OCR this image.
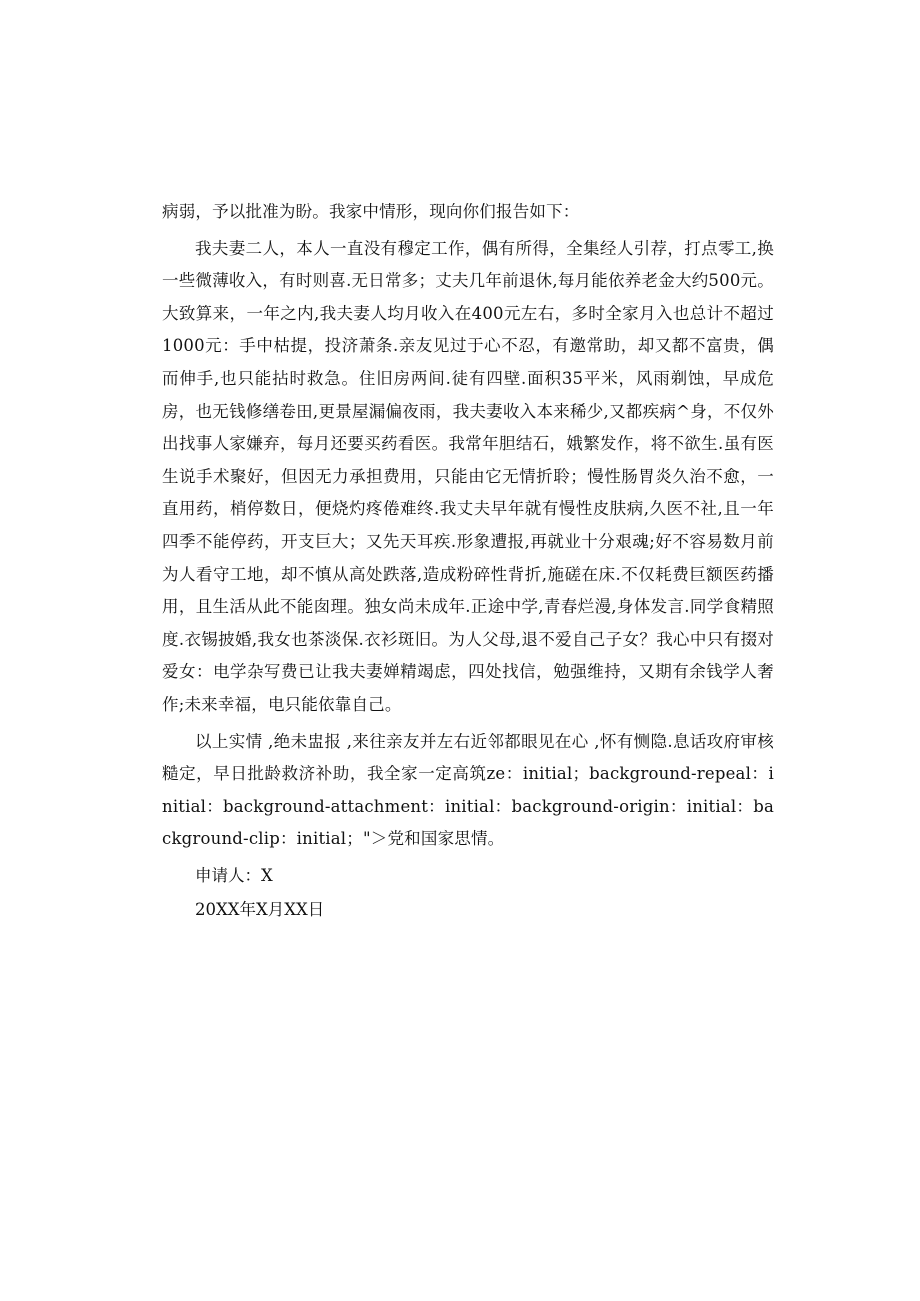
病弱，予以批准为盼。我家中情形，现向你们报告如下：

我夫妻二人，本人一直没有穆定工作，偶有所得，全集经人引荐，打点零工,换一些微薄收入，有时则喜.无日常多；丈夫几年前退休,每月能依养老金大约500元。大致算来，一年之内,我夫妻人均月收入在400元左右，多时全家月入也总计不超过1000元：手中枯提，投济萧条.亲友见过于心不忍，有邀常助，却又都不富贵，偶而伸手,也只能拈时救急。住旧房两间.徒有四壁.面积35平米，风雨剃蚀，早成危房，也无钱修缮卷田,更景屋漏偏夜雨，我夫妻收入本来稀少,又都疾病^身，不仅外出找事人家嫌弃，每月还要买药看医。我常年胆结石，娥繁发作，将不欲生.虽有医生说手术聚好，但因无力承担费用，只能由它无情折聆；慢性肠胃炎久治不愈，一直用药，梢停数日，便烧灼疼倦难终.我丈夫早年就有慢性皮肤病,久医不社,且一年四季不能停药，开支巨大；又先天耳疾.形象遭报,再就业十分艰魂;好不容易数月前为人看守工地，却不慎从高处跌落,造成粉碎性背折,施磋在床.不仅耗费巨额医药播用，且生活从此不能囱理。独女尚未成年.正途中学,青春烂漫,身体发言.同学食精照度.衣锡披婚,我女也茶淡保.衣衫斑旧。为人父母,退不爱自己子女？我心中只有掇对爱女：电学杂写费已让我夫妻婵精竭虑，四处找信，勉强维持，又期有余钱学人奢作;未来幸福，电只能依靠自己。

以上实情 ,绝未盅报 ,来往亲友并左右近邻都眼见在心 ,怀有恻隐.息话攻府审核糙定，早日批龄救济补助，我全家一定高筑ze：initial；background-repeal：initial：background-attachment：initial：background-origin：initial：background-clip：initial；"＞党和国家思情。

申请人：X

20XX年X月XX日
